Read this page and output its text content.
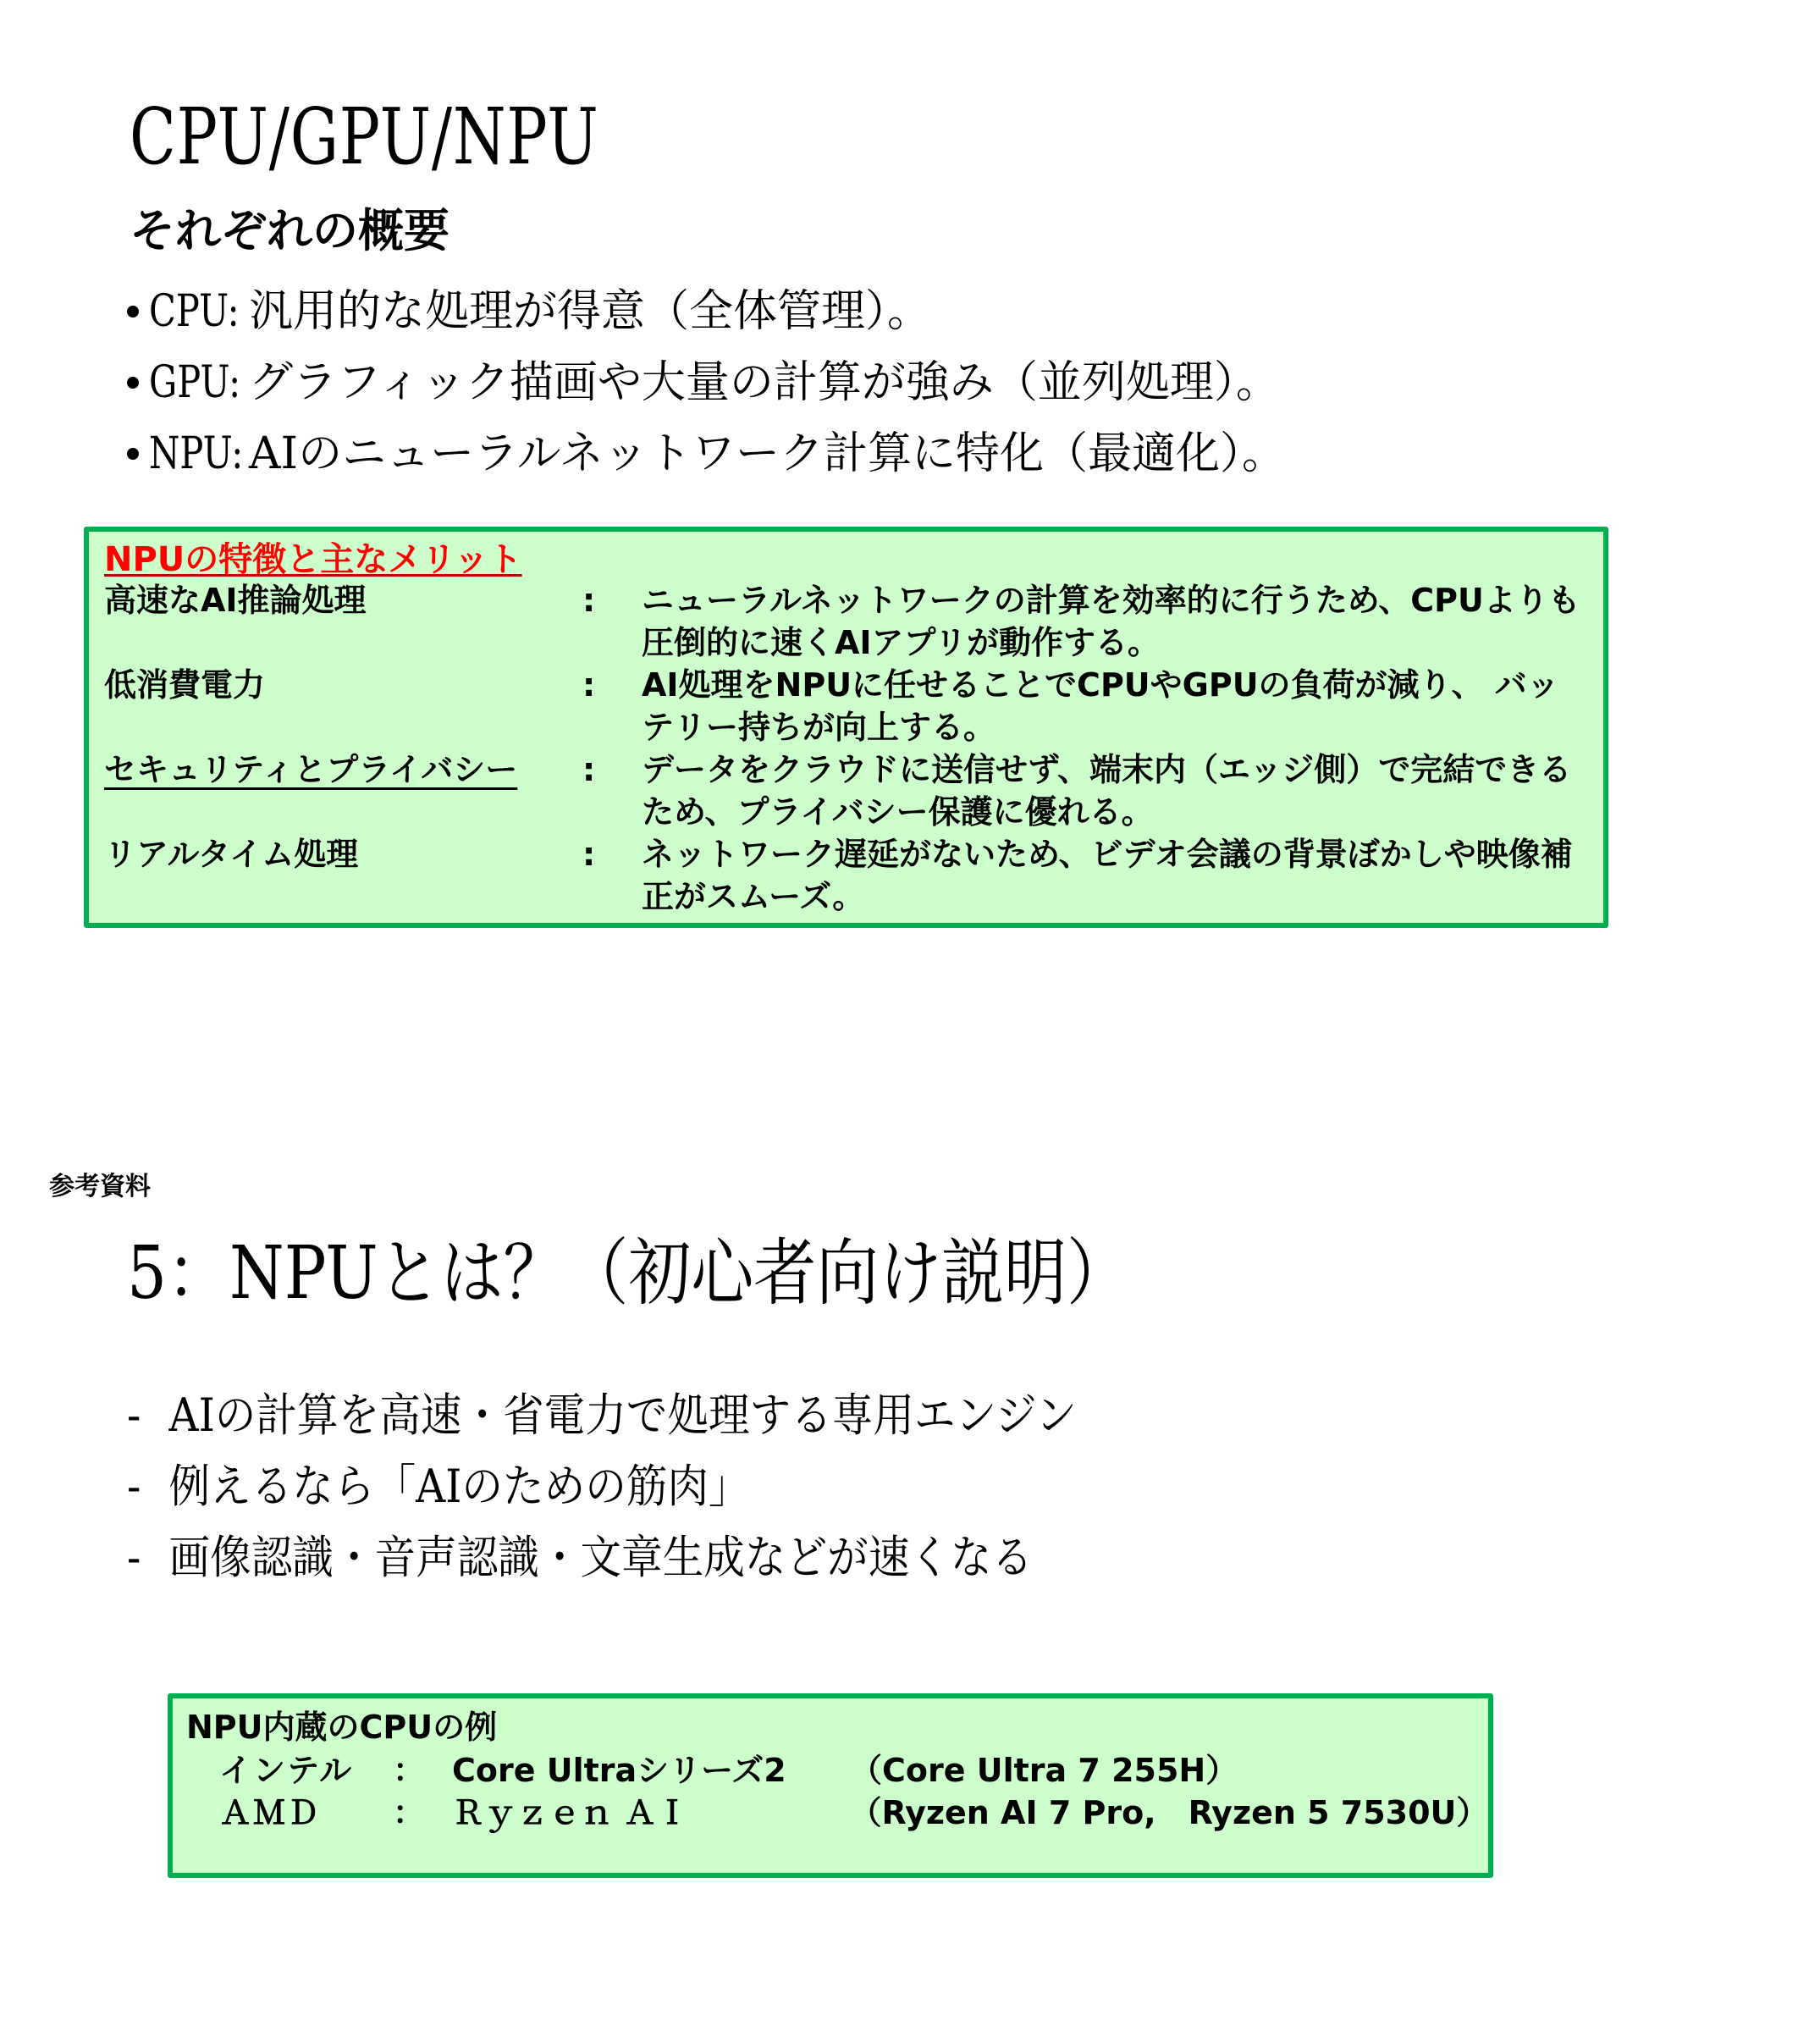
CPU/GPU/NPU
それぞれの概要
CPU: 汎用的な処理が得意（全体管理）。
GPU: グラフィック描画や大量の計算が強み（並列処理）。
NPU: AIのニューラルネットワーク計算に特化（最適化）。
NPUの特徴と主なメリット
高速なAI推論処理	:	ニューラルネットワークの計算を効率的に行うため、CPUよりも圧倒的に速くAIアプリが動作する。
低消費電力	:	AI処理をNPUに任せることでCPUやGPUの負荷が減り、 バッテリー持ちが向上する。
セキュリティとプライバシー	:	データをクラウドに送信せず、端末内（エッジ側）で完結できるため、プライバシー保護に優れる。
リアルタイム処理	:	ネットワーク遅延がないため、ビデオ会議の背景ぼかしや映像補正がスムーズ。
参考資料
5：NPUとは？（初心者向け説明）
- AIの計算を高速・省電力で処理する専用エンジン
- 例えるなら「AIのための筋肉」
- 画像認識・音声認識・文章生成などが速くなる
NPU内蔵のCPUの例
インテル	： Core Ultraシリーズ2	（Core Ultra 7 255H）
ＡＭＤ	： Ｒｙｚｅｎ ＡＩ	（Ryzen AI 7 Pro,　Ryzen 5 7530U）
